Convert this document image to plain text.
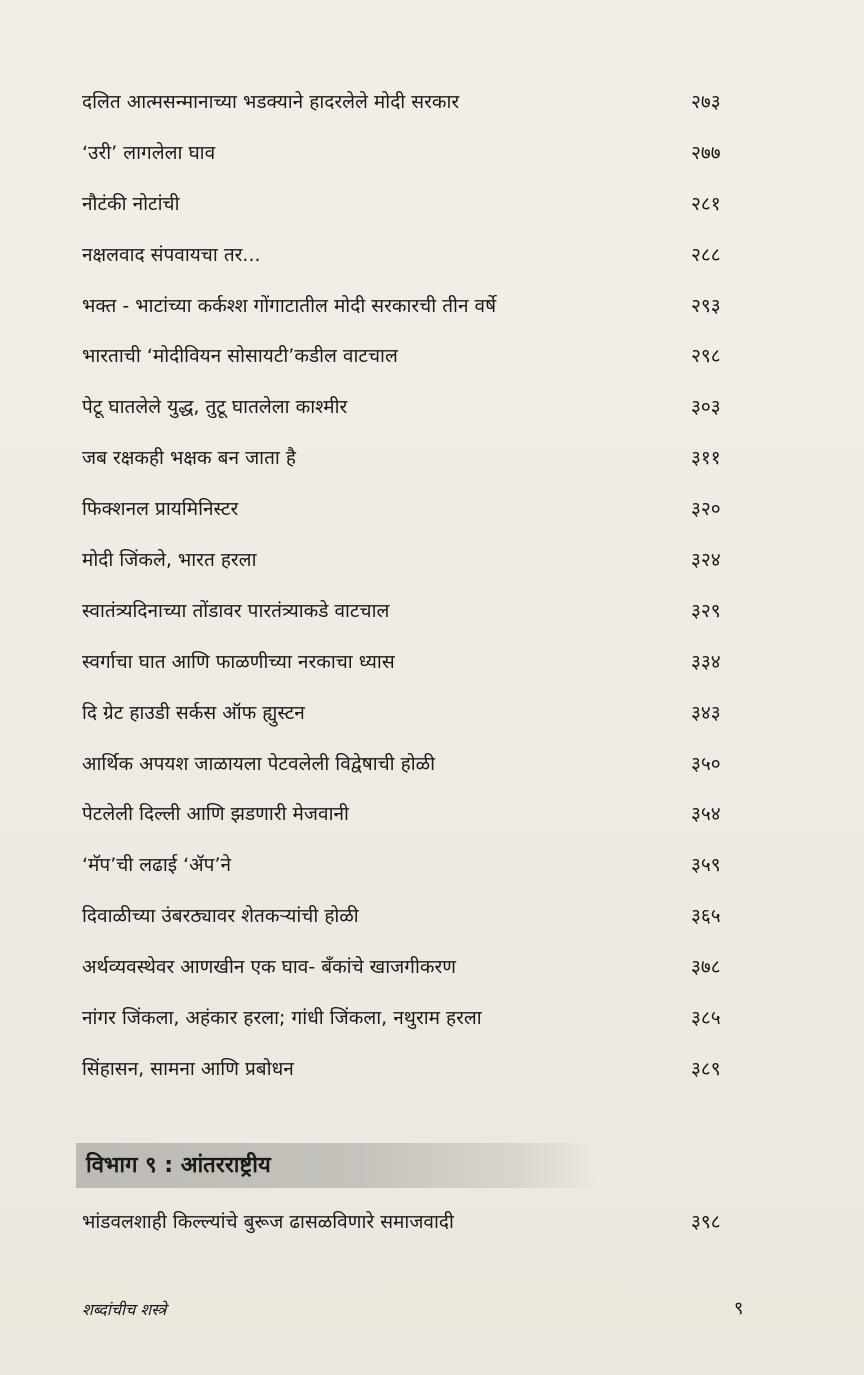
दलित आत्मसन्मानाच्या भडक्याने हादरलेले मोदी सरकार	२७३
‘उरी’ लागलेला घाव	२७७
नौटंकी नोटांची	२८१
नक्षलवाद संपवायचा तर...	२८८
भक्त - भाटांच्या कर्कश्श गोंगाटातील मोदी सरकारची तीन वर्षे	२९३
भारताची ‘मोदीवियन सोसायटी’कडील वाटचाल	२९८
पेटू घातलेले युद्ध, तुटू घातलेला काश्मीर	३०३
जब रक्षकही भक्षक बन जाता है	३११
फिक्शनल प्रायमिनिस्टर	३२०
मोदी जिंकले, भारत हरला	३२४
स्वातंत्र्यदिनाच्या तोंडावर पारतंत्र्याकडे वाटचाल	३२९
स्वर्गाचा घात आणि फाळणीच्या नरकाचा ध्यास	३३४
दि ग्रेट हाउडी सर्कस ऑफ ह्युस्टन	३४३
आर्थिक अपयश जाळायला पेटवलेली विद्वेषाची होळी	३५०
पेटलेली दिल्ली आणि झडणारी मेजवानी	३५४
‘मॅप’ची लढाई ‘ॲप’ने	३५९
दिवाळीच्या उंबरठ्यावर शेतकऱ्यांची होळी	३६५
अर्थव्यवस्थेवर आणखीन एक घाव- बँकांचे खाजगीकरण	३७८
नांगर जिंकला, अहंकार हरला; गांधी जिंकला, नथुराम हरला	३८५
सिंहासन, सामना आणि प्रबोधन	३८९
विभाग ९ : आंतरराष्ट्रीय
भांडवलशाही किल्ल्यांचे बुरूज ढासळविणारे समाजवादी	३९८
शब्दांचीच शस्त्रे	९
